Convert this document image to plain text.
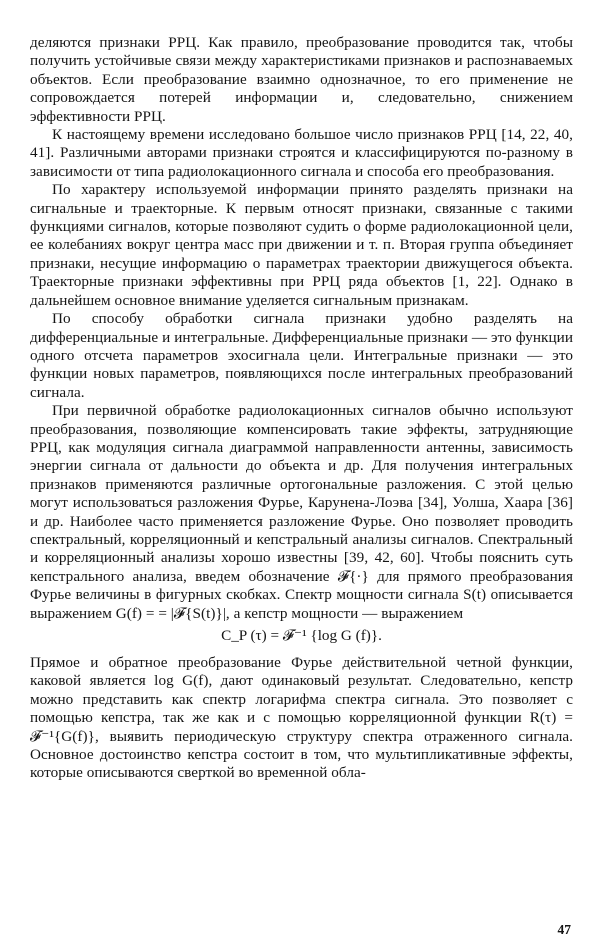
деляются признаки РРЦ. Как правило, преобразование проводится так, чтобы получить устойчивые связи между характеристиками признаков и распознаваемых объектов. Если преобразование взаимно однозначное, то его применение не сопровождается потерей информации и, следовательно, снижением эффективности РРЦ.

К настоящему времени исследовано большое число признаков РРЦ [14, 22, 40, 41]. Различными авторами признаки строятся и классифицируются по-разному в зависимости от типа радиолокационного сигнала и способа его преобразования.

По характеру используемой информации принято разделять признаки на сигнальные и траекторные. К первым относят признаки, связанные с такими функциями сигналов, которые позволяют судить о форме радиолокационной цели, ее колебаниях вокруг центра масс при движении и т. п. Вторая группа объединяет признаки, несущие информацию о параметрах траектории движущегося объекта. Траекторные признаки эффективны при РРЦ ряда объектов [1, 22]. Однако в дальнейшем основное внимание уделяется сигнальным признакам.

По способу обработки сигнала признаки удобно разделять на дифференциальные и интегральные. Дифференциальные признаки — это функции одного отсчета параметров эхосигнала цели. Интегральные признаки — это функции новых параметров, появляющихся после интегральных преобразований сигнала.

При первичной обработке радиолокационных сигналов обычно используют преобразования, позволяющие компенсировать такие эффекты, затрудняющие РРЦ, как модуляция сигнала диаграммой направленности антенны, зависимость энергии сигнала от дальности до объекта и др. Для получения интегральных признаков применяются различные ортогональные разложения. С этой целью могут использоваться разложения Фурье, Карунена-Лоэва [34], Уолша, Хаара [36] и др. Наиболее часто применяется разложение Фурье. Оно позволяет проводить спектральный, корреляционный и кепстральный анализы сигналов. Спектральный и корреляционный анализы хорошо известны [39, 42, 60]. Чтобы пояснить суть кепстрального анализа, введем обозначение 𝓕{·} для прямого преобразования Фурье величины в фигурных скобках. Спектр мощности сигнала S(t) описывается выражением G(f) = = |𝓕{S(t)}|, а кепстр мощности — выражением

C_P (τ) = 𝓕⁻¹ {log G (f)}.

Прямое и обратное преобразование Фурье действительной четной функции, каковой является log G(f), дают одинаковый результат. Следовательно, кепстр можно представить как спектр логарифма спектра сигнала. Это позволяет с помощью кепстра, так же как и с помощью корреляционной функции R(τ) = 𝓕⁻¹{G(f)}, выявить периодическую структуру спектра отраженного сигнала. Основное достоинство кепстра состоит в том, что мультипликативные эффекты, которые описываются сверткой во временной обла-

47
